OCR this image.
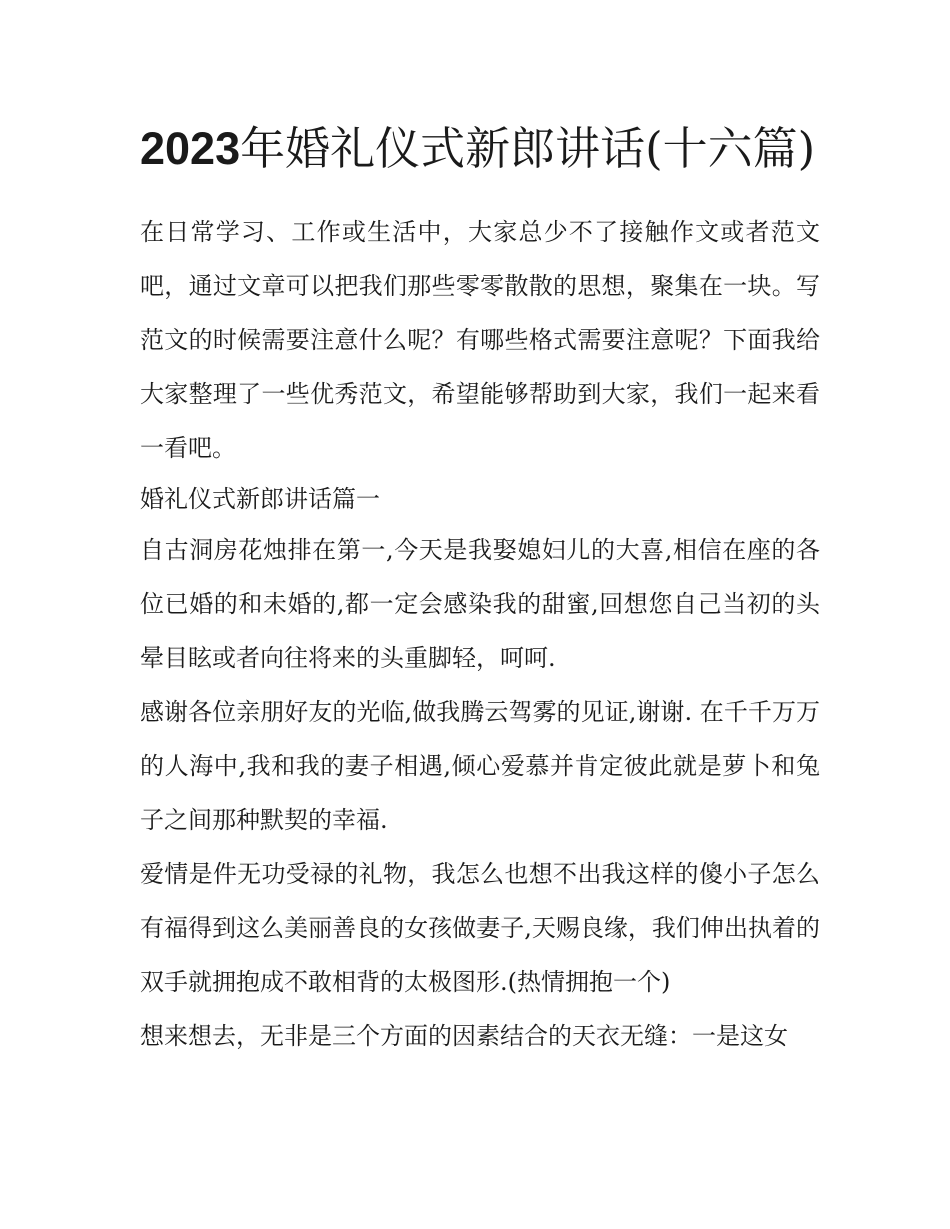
2023年婚礼仪式新郎讲话(十六篇)

在日常学习、工作或生活中，大家总少不了接触作文或者范文吧，通过文章可以把我们那些零零散散的思想，聚集在一块。写范文的时候需要注意什么呢？有哪些格式需要注意呢？下面我给大家整理了一些优秀范文，希望能够帮助到大家，我们一起来看一看吧。

婚礼仪式新郎讲话篇一

自古洞房花烛排在第一,今天是我娶媳妇儿的大喜,相信在座的各位已婚的和未婚的,都一定会感染我的甜蜜,回想您自己当初的头晕目眩或者向往将来的头重脚轻，呵呵.

感谢各位亲朋好友的光临,做我腾云驾雾的见证,谢谢. 在千千万万的人海中,我和我的妻子相遇,倾心爱慕并肯定彼此就是萝卜和兔子之间那种默契的幸福.

爱情是件无功受禄的礼物，我怎么也想不出我这样的傻小子怎么有福得到这么美丽善良的女孩做妻子,天赐良缘，我们伸出执着的双手就拥抱成不敢相背的太极图形.(热情拥抱一个)

想来想去，无非是三个方面的因素结合的天衣无缝：一是这女
